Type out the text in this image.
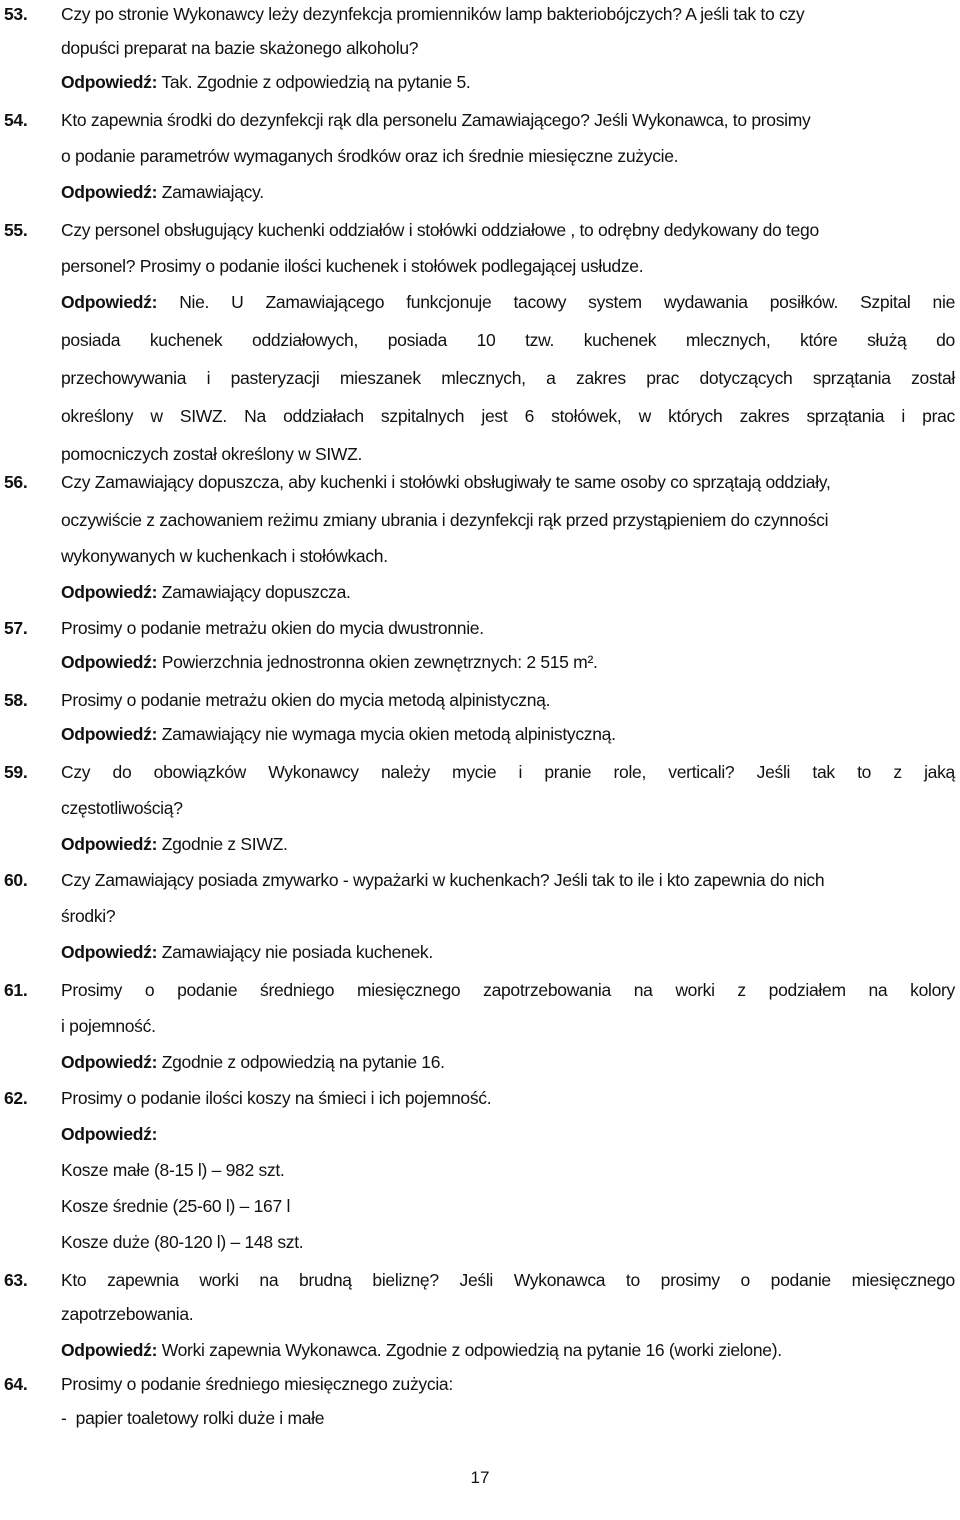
53. Czy po stronie Wykonawcy leży dezynfekcja promienników lamp bakteriobójczych? A jeśli tak to czy
dopuści preparat na bazie skażonego alkoholu?
Odpowiedź: Tak. Zgodnie z odpowiedzią na pytanie 5.
54. Kto zapewnia środki do dezynfekcji rąk dla personelu Zamawiającego? Jeśli Wykonawca, to prosimy
o podanie parametrów wymaganych środków oraz ich średnie miesięczne zużycie.
Odpowiedź: Zamawiający.
55. Czy personel obsługujący kuchenki oddziałów i stołówki oddziałowe , to odrębny dedykowany do tego
personel? Prosimy o podanie ilości kuchenek i stołówek podlegającej usłudze.
Odpowiedź: Nie. U Zamawiającego funkcjonuje tacowy system wydawania posiłków. Szpital nie
posiada kuchenek oddziałowych, posiada 10 tzw. kuchenek mlecznych, które służą do
przechowywania i pasteryzacji mieszanek mlecznych, a zakres prac dotyczących sprzątania został
określony w SIWZ. Na oddziałach szpitalnych jest 6 stołówek, w których zakres sprzątania i prac
pomocniczych został określony w SIWZ.
56. Czy Zamawiający dopuszcza, aby kuchenki i stołówki obsługiwały te same osoby co sprzątają oddziały,
oczywiście z zachowaniem reżimu zmiany ubrania i dezynfekcji rąk przed przystąpieniem do czynności
wykonywanych w kuchenkach i stołówkach.
Odpowiedź: Zamawiający dopuszcza.
57. Prosimy o podanie metrażu okien do mycia dwustronnie.
Odpowiedź: Powierzchnia jednostronna okien zewnętrznych: 2 515 m².
58. Prosimy o podanie metrażu okien do mycia metodą alpinistyczną.
Odpowiedź: Zamawiający nie wymaga mycia okien metodą alpinistyczną.
59. Czy do obowiązków Wykonawcy należy mycie i pranie role, verticali? Jeśli tak to z jaką
częstotliwością?
Odpowiedź: Zgodnie z SIWZ.
60. Czy Zamawiający posiada zmywarko - wypażarki w kuchenkach? Jeśli tak to ile i kto zapewnia do nich
środki?
Odpowiedź: Zamawiający nie posiada kuchenek.
61. Prosimy o podanie średniego miesięcznego zapotrzebowania na worki z podziałem na kolory
i pojemność.
Odpowiedź: Zgodnie z odpowiedzią na pytanie 16.
62. Prosimy o podanie ilości koszy na śmieci i ich pojemność.
Odpowiedź:
Kosze małe (8-15 l) – 982 szt.
Kosze średnie (25-60 l) – 167 l
Kosze duże (80-120 l) – 148 szt.
63. Kto zapewnia worki na brudną bieliznę? Jeśli Wykonawca to prosimy o podanie miesięcznego
zapotrzebowania.
Odpowiedź: Worki zapewnia Wykonawca. Zgodnie z odpowiedzią na pytanie 16 (worki zielone).
64. Prosimy o podanie średniego miesięcznego zużycia:
-  papier toaletowy rolki duże i małe
17
